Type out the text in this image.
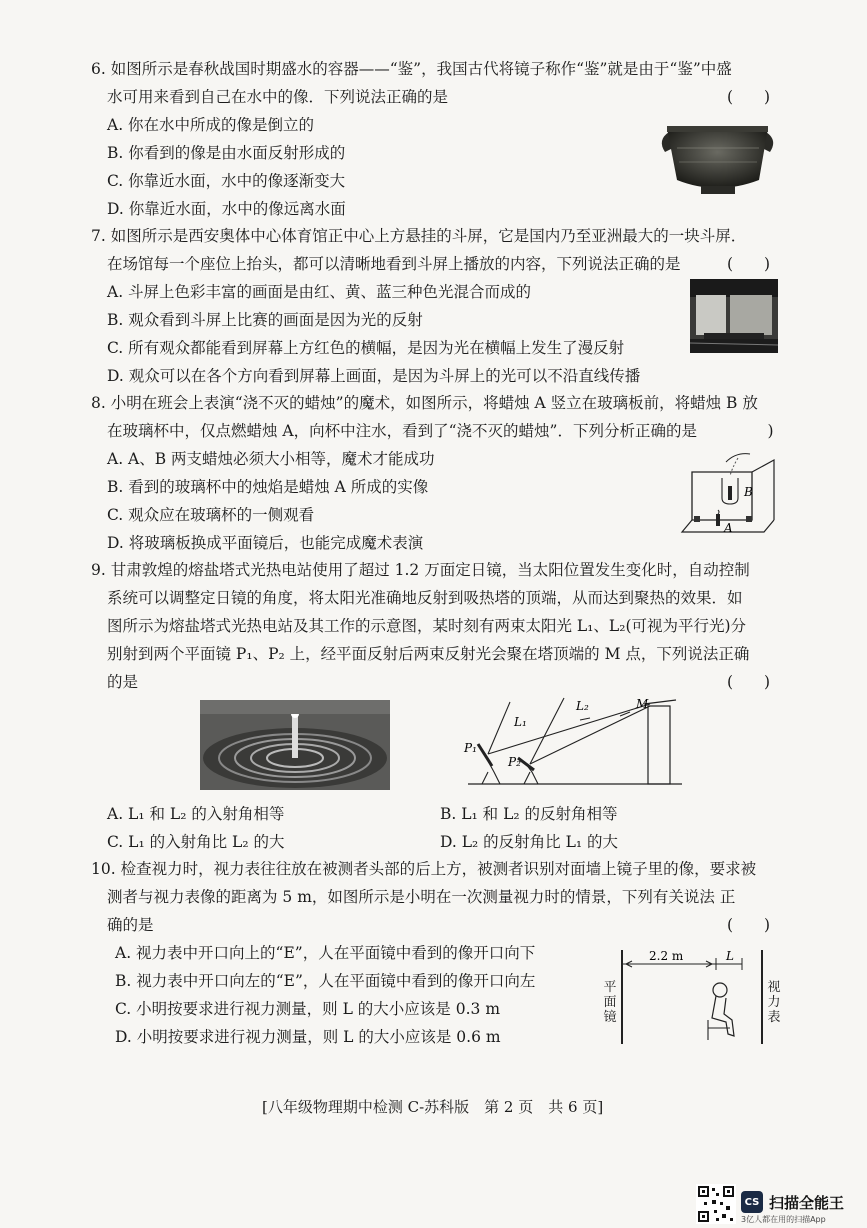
6. 如图所示是春秋战国时期盛水的容器——“鉴”，我国古代将镜子称作“鉴”就是由于“鉴”中盛
水可用来看到自己在水中的像．下列说法正确的是	(　　)
A. 你在水中所成的像是倒立的
B. 你看到的像是由水面反射形成的
C. 你靠近水面，水中的像逐渐变大
D. 你靠近水面，水中的像远离水面
7. 如图所示是西安奥体中心体育馆正中心上方悬挂的斗屏，它是国内乃至亚洲最大的一块斗屏．
在场馆每一个座位上抬头，都可以清晰地看到斗屏上播放的内容，下列说法正确的是	(　　)
A. 斗屏上色彩丰富的画面是由红、黄、蓝三种色光混合而成的
B. 观众看到斗屏上比赛的画面是因为光的反射
C. 所有观众都能看到屏幕上方红色的横幅，是因为光在横幅上发生了漫反射
D. 观众可以在各个方向看到屏幕上画面，是因为斗屏上的光可以不沿直线传播
8. 小明在班会上表演“浇不灭的蜡烛”的魔术，如图所示，将蜡烛 A 竖立在玻璃板前，将蜡烛 B 放
在玻璃杯中，仅点燃蜡烛 A，向杯中注水，看到了“浇不灭的蜡烛”．下列分析正确的是	　)
A. A、B 两支蜡烛必须大小相等，魔术才能成功
B. 看到的玻璃杯中的烛焰是蜡烛 A 所成的实像
C. 观众应在玻璃杯的一侧观看
D. 将玻璃板换成平面镜后，也能完成魔术表演
B
A
9. 甘肃敦煌的熔盐塔式光热电站使用了超过 1.2 万面定日镜，当太阳位置发生变化时，自动控制
系统可以调整定日镜的角度，将太阳光准确地反射到吸热塔的顶端，从而达到聚热的效果．如
图所示为熔盐塔式光热电站及其工作的示意图，某时刻有两束太阳光 L₁、L₂(可视为平行光)分
别射到两个平面镜 P₁、P₂ 上，经平面反射后两束反射光会聚在塔顶端的 M 点，下列说法正确
的是	(　　)
L₁
L₂	M
P₁
P₂
A. L₁ 和 L₂ 的入射角相等	B. L₁ 和 L₂ 的反射角相等
C. L₁ 的入射角比 L₂ 的大	D. L₂ 的反射角比 L₁ 的大
10. 检查视力时，视力表往往放在被测者头部的后上方，被测者识别对面墙上镜子里的像，要求被
测者与视力表像的距离为 5 m，如图所示是小明在一次测量视力时的情景，下列有关说法 正
确的是	(　　)
A. 视力表中开口向上的“E”，人在平面镜中看到的像开口向下
B. 视力表中开口向左的“E”，人在平面镜中看到的像开口向左
C. 小明按要求进行视力测量，则 L 的大小应该是 0.3 m
D. 小明按要求进行视力测量，则 L 的大小应该是 0.6 m
2.2 m	L
平面镜
视力表
[八年级物理期中检测 C-苏科版　第 2 页　共 6 页]
CS 扫描全能王
3亿人都在用的扫描App
